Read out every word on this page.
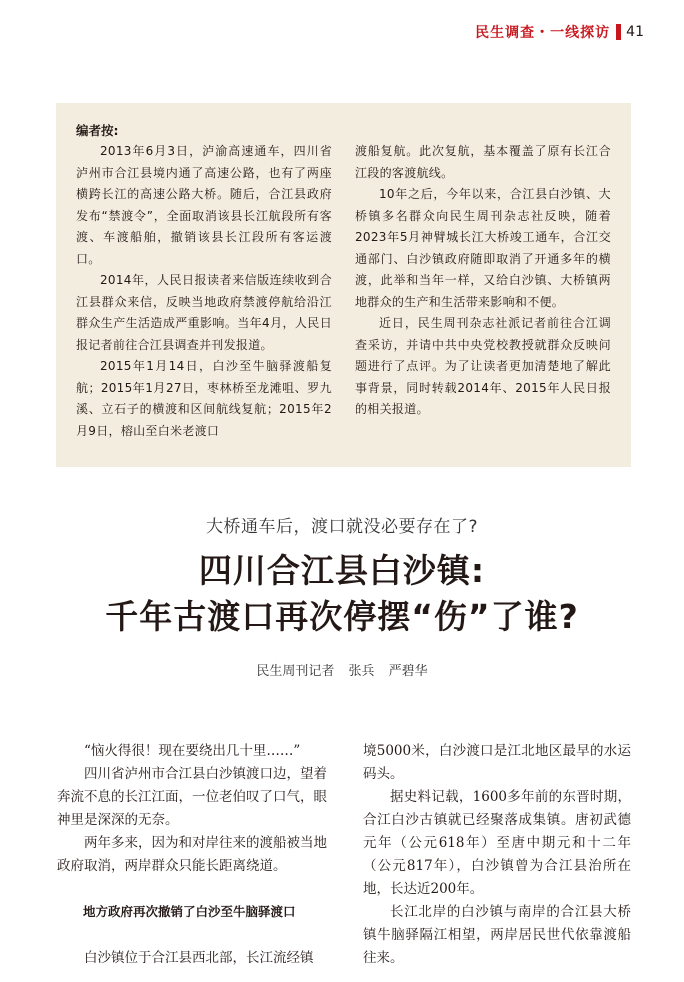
民生调查・一线探访 41
编者按:

2013年6月3日，泸渝高速通车，四川省泸州市合江县境内通了高速公路，也有了两座横跨长江的高速公路大桥。随后，合江县政府发布“禁渡令”，全面取消该县长江航段所有客渡、车渡船舶，撤销该县长江段所有客运渡口。

2014年，人民日报读者来信版连续收到合江县群众来信，反映当地政府禁渡停航给沿江群众生产生活造成严重影响。当年4月，人民日报记者前往合江县调查并刊发报道。

2015年1月14日，白沙至牛脑驿渡船复航；2015年1月27日，枣林桥至龙滩咀、罗九溪、立石子的横渡和区间航线复航；2015年2月9日，榕山至白米老渡口

渡船复航。此次复航，基本覆盖了原有长江合江段的客渡航线。

10年之后，今年以来，合江县白沙镇、大桥镇多名群众向民生周刊杂志社反映，随着2023年5月神臂城长江大桥竣工通车，合江交通部门、白沙镇政府随即取消了开通多年的横渡，此举和当年一样，又给白沙镇、大桥镇两地群众的生产和生活带来影响和不便。

近日，民生周刊杂志社派记者前往合江调查采访，并请中共中央党校教授就群众反映问题进行了点评。为了让读者更加清楚地了解此事背景，同时转载2014年、2015年人民日报的相关报道。

大桥通车后，渡口就没必要存在了?
四川合江县白沙镇:
千年古渡口再次停摆“伤”了谁?
民生周刊记者 张兵 严碧华

“恼火得很！现在要绕出几十里……”

四川省泸州市合江县白沙镇渡口边，望着奔流不息的长江江面，一位老伯叹了口气，眼神里是深深的无奈。

两年多来，因为和对岸往来的渡船被当地政府取消，两岸群众只能长距离绕道。

地方政府再次撤销了白沙至牛脑驿渡口

白沙镇位于合江县西北部，长江流经镇

境5000米，白沙渡口是江北地区最早的水运码头。

据史料记载，1600多年前的东晋时期，合江白沙古镇就已经聚落成集镇。唐初武德元年（公元618年）至唐中期元和十二年（公元817年），白沙镇曾为合江县治所在地，长达近200年。

长江北岸的白沙镇与南岸的合江县大桥镇牛脑驿隔江相望，两岸居民世代依靠渡船往来。
